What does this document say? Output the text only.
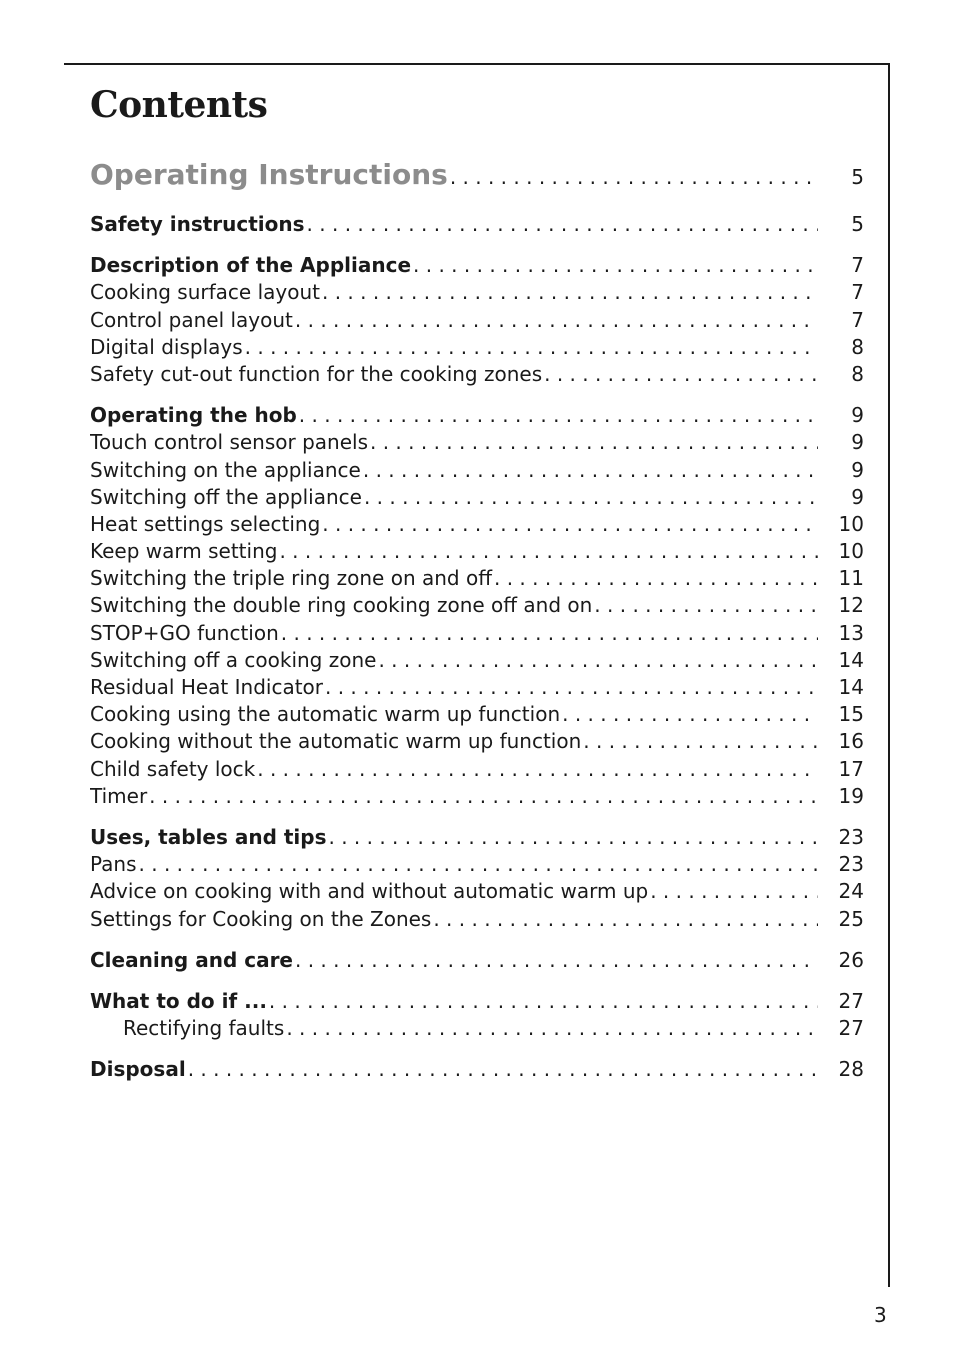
Contents
Operating Instructions . . .	5
Safety instructions . . .	5
Description of the Appliance . . .	7
Cooking surface layout . . .	7
Control panel layout . . .	7
Digital displays . . .	8
Safety cut-out function for the cooking zones . . .	8
Operating the hob . . .	9
Touch control sensor panels . . .	9
Switching on the appliance . . .	9
Switching off the appliance . . .	9
Heat settings selecting . . .	10
Keep warm setting . . .	10
Switching the triple ring zone on and off . . .	11
Switching the double ring cooking zone off and on . . .	12
STOP+GO function . . .	13
Switching off a cooking zone . . .	14
Residual Heat Indicator . . .	14
Cooking using the automatic warm up function . . .	15
Cooking without the automatic warm up function . . .	16
Child safety lock . . .	17
Timer . . .	19
Uses, tables and tips . . .	23
Pans . . .	23
Advice on cooking with and without automatic warm up . . .	24
Settings for Cooking on the Zones . . .	25
Cleaning and care . . .	26
What to do if ... . . .	27
Rectifying faults . . .	27
Disposal . . .	28
3
